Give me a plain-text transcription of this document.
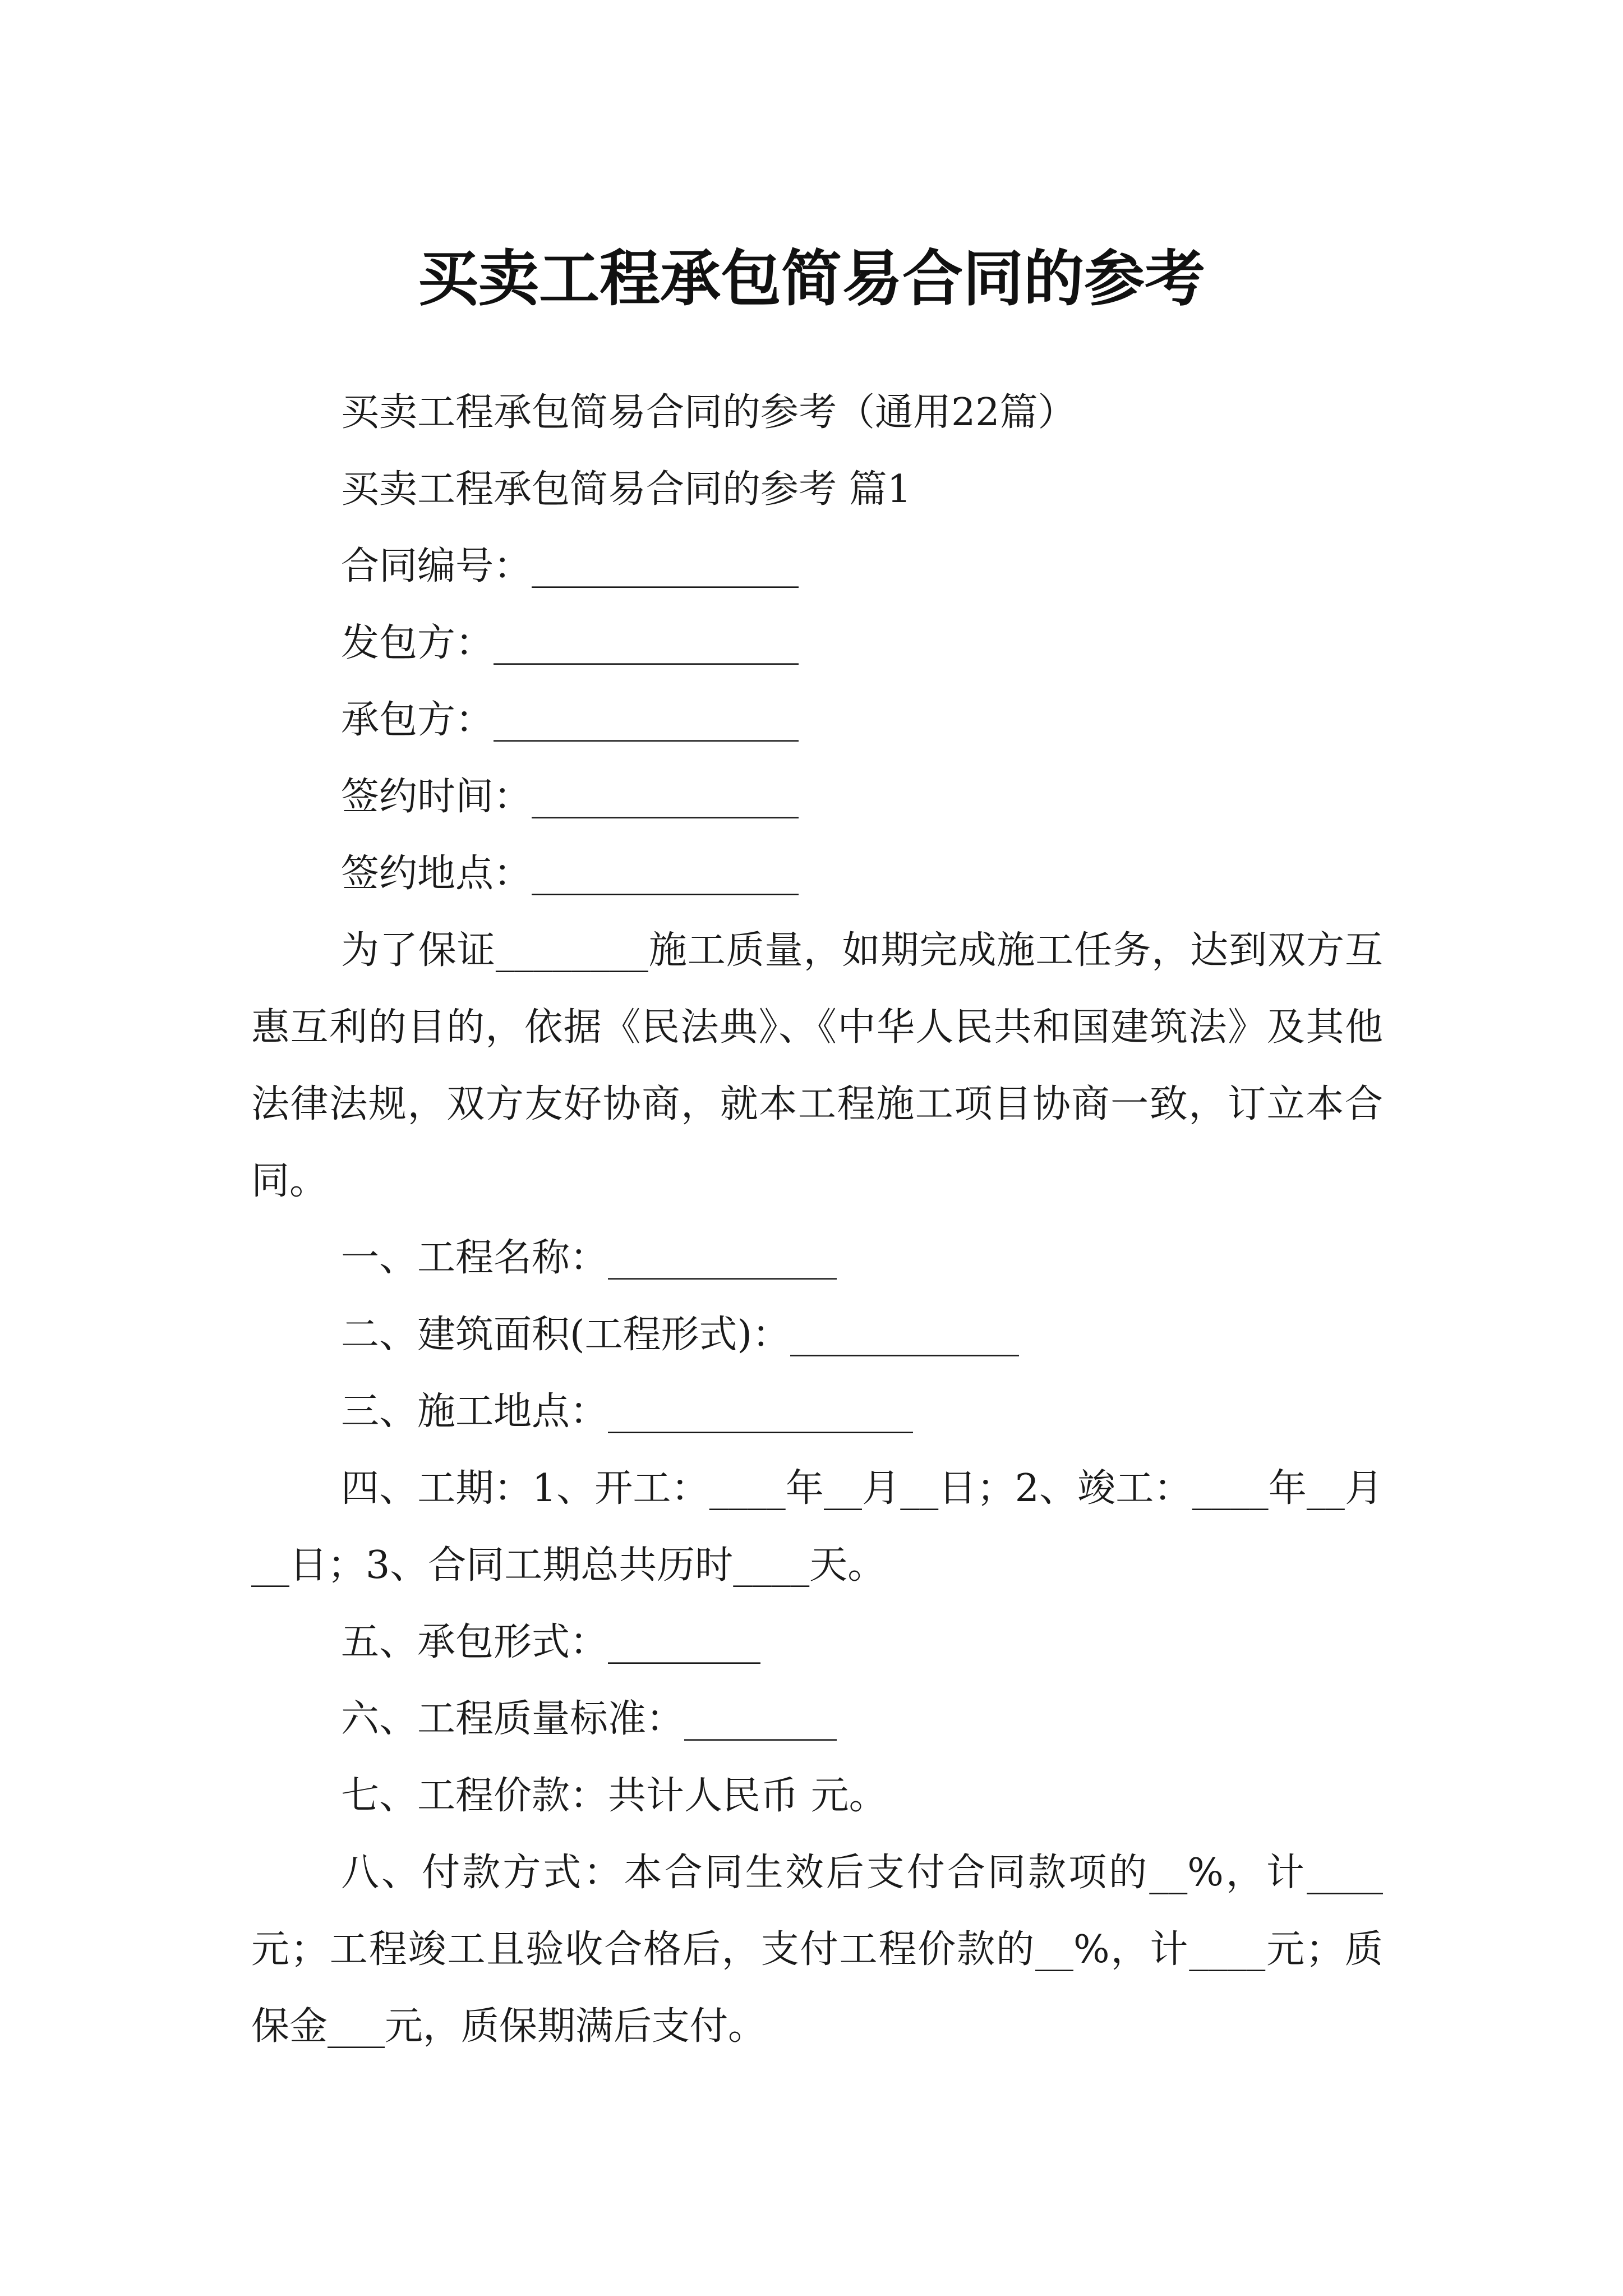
买卖工程承包简易合同的参考

买卖工程承包简易合同的参考（通用22篇）

买卖工程承包简易合同的参考 篇1

合同编号：______________

发包方：________________

承包方：________________

签约时间：______________

签约地点：______________

为了保证________施工质量，如期完成施工任务，达到双方互惠互利的目的，依据《民法典》、《中华人民共和国建筑法》及其他法律法规，双方友好协商，就本工程施工项目协商一致，订立本合同。

一、工程名称：____________

二、建筑面积(工程形式)：____________

三、施工地点：________________

四、工期：1、开工：____年__月__日；2、竣工：____年__月__日；3、合同工期总共历时____天。

五、承包形式：________

六、工程质量标准：________

七、工程价款：共计人民币 元。

八、付款方式：本合同生效后支付合同款项的__%，计____元；工程竣工且验收合格后，支付工程价款的__%，计____元；质保金___元，质保期满后支付。
